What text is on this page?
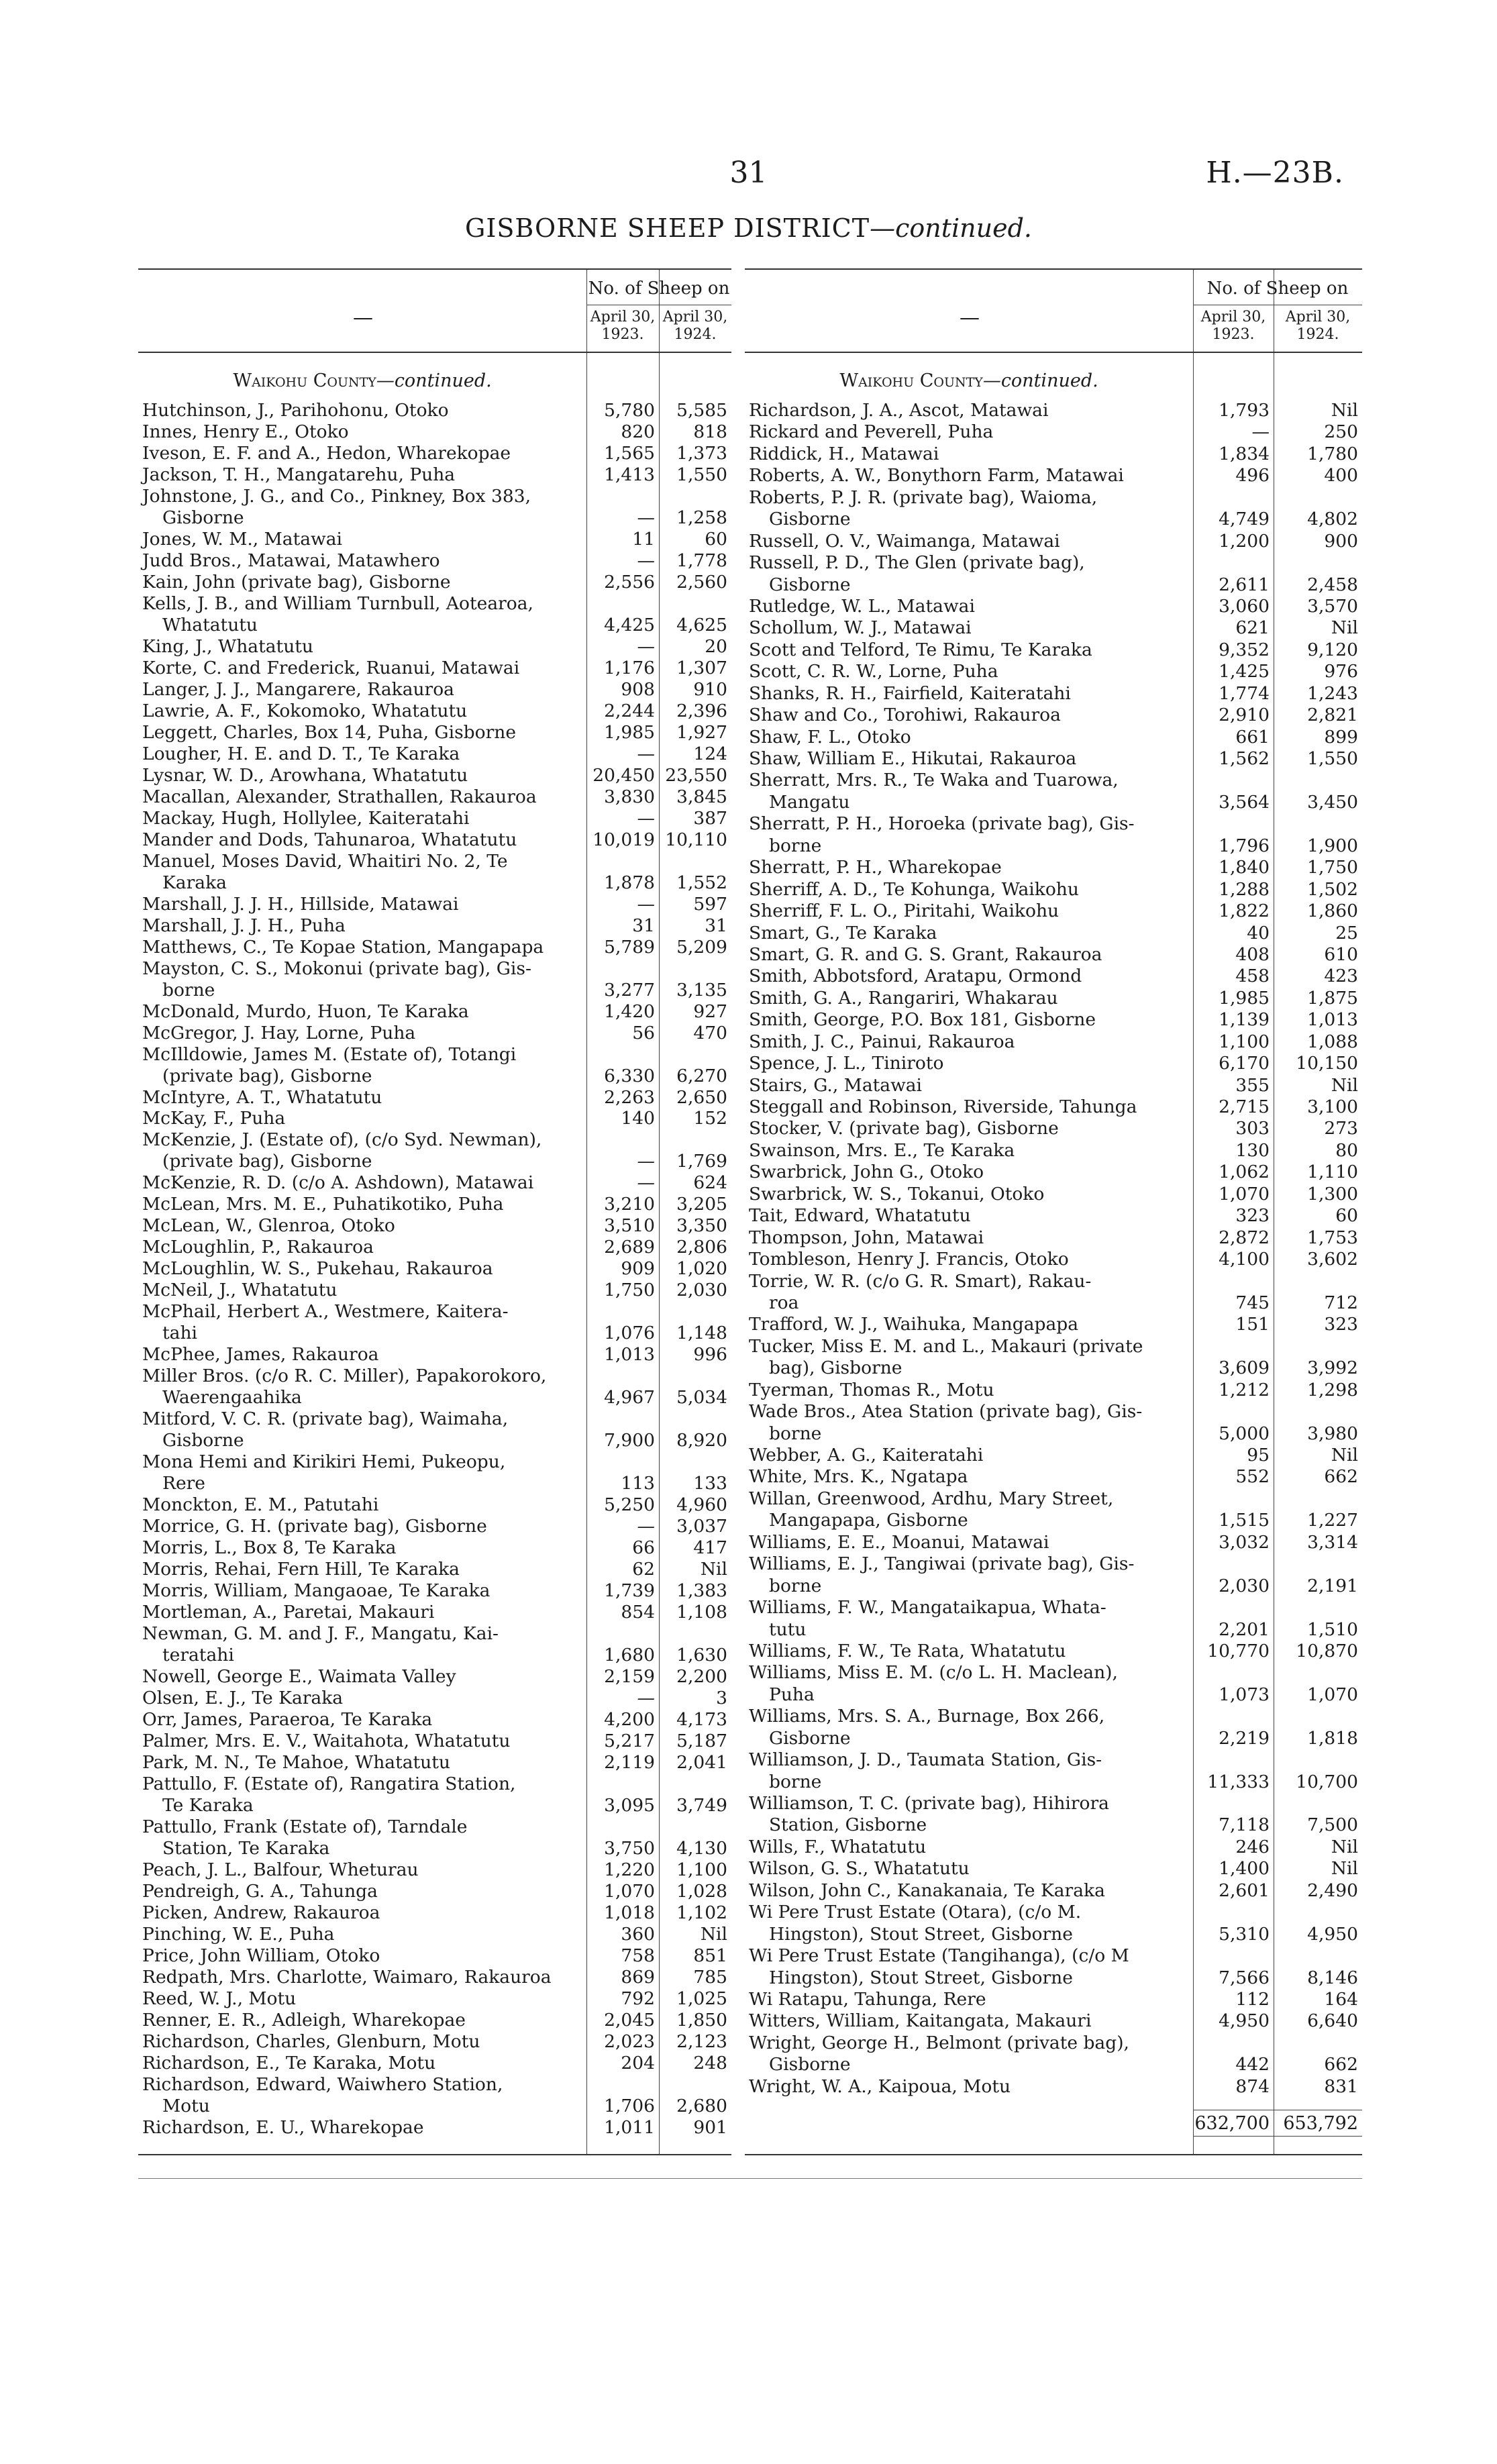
31	H.—23B.
GISBORNE SHEEP DISTRICT—continued.
—
No. of Sheep on
April 30, 1923.
April 30, 1924.
Waikohu County—continued.
Hutchinson, J., Parihohonu, Otoko	5,780	5,585
Innes, Henry E., Otoko	820	818
Iveson, E. F. and A., Hedon, Wharekopae	1,565	1,373
Jackson, T. H., Mangatarehu, Puha	1,413	1,550
Johnstone, J. G., and Co., Pinkney, Box 383,
Gisborne	—	1,258
Jones, W. M., Matawai	11	60
Judd Bros., Matawai, Matawhero	—	1,778
Kain, John (private bag), Gisborne	2,556	2,560
Kells, J. B., and William Turnbull, Aotearoa,
Whatatutu	4,425	4,625
King, J., Whatatutu	—	20
Korte, C. and Frederick, Ruanui, Matawai	1,176	1,307
Langer, J. J., Mangarere, Rakauroa	908	910
Lawrie, A. F., Kokomoko, Whatatutu	2,244	2,396
Leggett, Charles, Box 14, Puha, Gisborne	1,985	1,927
Lougher, H. E. and D. T., Te Karaka	—	124
Lysnar, W. D., Arowhana, Whatatutu	20,450 23,550
Macallan, Alexander, Strathallen, Rakauroa	3,830	3,845
Mackay, Hugh, Hollylee, Kaiteratahi	—	387
Mander and Dods, Tahunaroa, Whatatutu	10,019 10,110
Manuel, Moses David, Whaitiri No. 2, Te
Karaka	1,878	1,552
Marshall, J. J. H., Hillside, Matawai	—	597
Marshall, J. J. H., Puha	31	31
Matthews, C., Te Kopae Station, Mangapapa	5,789	5,209
Mayston, C. S., Mokonui (private bag), Gis-
borne	3,277	3,135
McDonald, Murdo, Huon, Te Karaka	1,420	927
McGregor, J. Hay, Lorne, Puha	56	470
McIlldowie, James M. (Estate of), Totangi
(private bag), Gisborne	6,330	6,270
McIntyre, A. T., Whatatutu	2,263	2,650
McKay, F., Puha	140	152
McKenzie, J. (Estate of), (c/o Syd. Newman),
(private bag), Gisborne	—	1,769
McKenzie, R. D. (c/o A. Ashdown), Matawai	—	624
McLean, Mrs. M. E., Puhatikotiko, Puha	3,210	3,205
McLean, W., Glenroa, Otoko	3,510	3,350
McLoughlin, P., Rakauroa	2,689	2,806
McLoughlin, W. S., Pukehau, Rakauroa	909	1,020
McNeil, J., Whatatutu	1,750	2,030
McPhail, Herbert A., Westmere, Kaitera-
tahi	1,076	1,148
McPhee, James, Rakauroa	1,013	996
Miller Bros. (c/o R. C. Miller), Papakorokoro,
Waerengaahika	4,967	5,034
Mitford, V. C. R. (private bag), Waimaha,
Gisborne	7,900	8,920
Mona Hemi and Kirikiri Hemi, Pukeopu,
Rere	113	133
Monckton, E. M., Patutahi	5,250	4,960
Morrice, G. H. (private bag), Gisborne	—	3,037
Morris, L., Box 8, Te Karaka	66	417
Morris, Rehai, Fern Hill, Te Karaka	62	Nil
Morris, William, Mangaoae, Te Karaka	1,739	1,383
Mortleman, A., Paretai, Makauri	854	1,108
Newman, G. M. and J. F., Mangatu, Kai-
teratahi	1,680	1,630
Nowell, George E., Waimata Valley	2,159	2,200
Olsen, E. J., Te Karaka	—	3
Orr, James, Paraeroa, Te Karaka	4,200	4,173
Palmer, Mrs. E. V., Waitahota, Whatatutu	5,217	5,187
Park, M. N., Te Mahoe, Whatatutu	2,119	2,041
Pattullo, F. (Estate of), Rangatira Station,
Te Karaka	3,095	3,749
Pattullo, Frank (Estate of), Tarndale
Station, Te Karaka	3,750	4,130
Peach, J. L., Balfour, Wheturau	1,220	1,100
Pendreigh, G. A., Tahunga	1,070	1,028
Picken, Andrew, Rakauroa	1,018	1,102
Pinching, W. E., Puha	360	Nil
Price, John William, Otoko	758	851
Redpath, Mrs. Charlotte, Waimaro, Rakauroa	869	785
Reed, W. J., Motu	792	1,025
Renner, E. R., Adleigh, Wharekopae	2,045	1,850
Richardson, Charles, Glenburn, Motu	2,023	2,123
Richardson, E., Te Karaka, Motu	204	248
Richardson, Edward, Waiwhero Station,
Motu	1,706	2,680
Richardson, E. U., Wharekopae	1,011	901
—
No. of Sheep on
April 30, 1923.
April 30, 1924.
Waikohu County—continued.
Richardson, J. A., Ascot, Matawai	1,793	Nil
Rickard and Peverell, Puha	—	250
Riddick, H., Matawai	1,834	1,780
Roberts, A. W., Bonythorn Farm, Matawai	496	400
Roberts, P. J. R. (private bag), Waioma,
Gisborne	4,749	4,802
Russell, O. V., Waimanga, Matawai	1,200	900
Russell, P. D., The Glen (private bag),
Gisborne	2,611	2,458
Rutledge, W. L., Matawai	3,060	3,570
Schollum, W. J., Matawai	621	Nil
Scott and Telford, Te Rimu, Te Karaka	9,352	9,120
Scott, C. R. W., Lorne, Puha	1,425	976
Shanks, R. H., Fairfield, Kaiteratahi	1,774	1,243
Shaw and Co., Torohiwi, Rakauroa	2,910	2,821
Shaw, F. L., Otoko	661	899
Shaw, William E., Hikutai, Rakauroa	1,562	1,550
Sherratt, Mrs. R., Te Waka and Tuarowa,
Mangatu	3,564	3,450
Sherratt, P. H., Horoeka (private bag), Gis-
borne	1,796	1,900
Sherratt, P. H., Wharekopae	1,840	1,750
Sherriff, A. D., Te Kohunga, Waikohu	1,288	1,502
Sherriff, F. L. O., Piritahi, Waikohu	1,822	1,860
Smart, G., Te Karaka	40	25
Smart, G. R. and G. S. Grant, Rakauroa	408	610
Smith, Abbotsford, Aratapu, Ormond	458	423
Smith, G. A., Rangariri, Whakarau	1,985	1,875
Smith, George, P.O. Box 181, Gisborne	1,139	1,013
Smith, J. C., Painui, Rakauroa	1,100	1,088
Spence, J. L., Tiniroto	6,170	10,150
Stairs, G., Matawai	355	Nil
Steggall and Robinson, Riverside, Tahunga	2,715	3,100
Stocker, V. (private bag), Gisborne	303	273
Swainson, Mrs. E., Te Karaka	130	80
Swarbrick, John G., Otoko	1,062	1,110
Swarbrick, W. S., Tokanui, Otoko	1,070	1,300
Tait, Edward, Whatatutu	323	60
Thompson, John, Matawai	2,872	1,753
Tombleson, Henry J. Francis, Otoko	4,100	3,602
Torrie, W. R. (c/o G. R. Smart), Rakau-
roa	745	712
Trafford, W. J., Waihuka, Mangapapa	151	323
Tucker, Miss E. M. and L., Makauri (private
bag), Gisborne	3,609	3,992
Tyerman, Thomas R., Motu	1,212	1,298
Wade Bros., Atea Station (private bag), Gis-
borne	5,000	3,980
Webber, A. G., Kaiteratahi	95	Nil
White, Mrs. K., Ngatapa	552	662
Willan, Greenwood, Ardhu, Mary Street,
Mangapapa, Gisborne	1,515	1,227
Williams, E. E., Moanui, Matawai	3,032	3,314
Williams, E. J., Tangiwai (private bag), Gis-
borne	2,030	2,191
Williams, F. W., Mangataikapua, Whata-
tutu	2,201	1,510
Williams, F. W., Te Rata, Whatatutu	10,770	10,870
Williams, Miss E. M. (c/o L. H. Maclean),
Puha	1,073	1,070
Williams, Mrs. S. A., Burnage, Box 266,
Gisborne	2,219	1,818
Williamson, J. D., Taumata Station, Gis-
borne	11,333	10,700
Williamson, T. C. (private bag), Hihirora
Station, Gisborne	7,118	7,500
Wills, F., Whatatutu	246	Nil
Wilson, G. S., Whatatutu	1,400	Nil
Wilson, John C., Kanakanaia, Te Karaka	2,601	2,490
Wi Pere Trust Estate (Otara), (c/o M.
Hingston), Stout Street, Gisborne	5,310	4,950
Wi Pere Trust Estate (Tangihanga), (c/o M
Hingston), Stout Street, Gisborne	7,566	8,146
Wi Ratapu, Tahunga, Rere	112	164
Witters, William, Kaitangata, Makauri	4,950	6,640
Wright, George H., Belmont (private bag),
Gisborne	442	662
Wright, W. A., Kaipoua, Motu	874	831
632,700 653,792
